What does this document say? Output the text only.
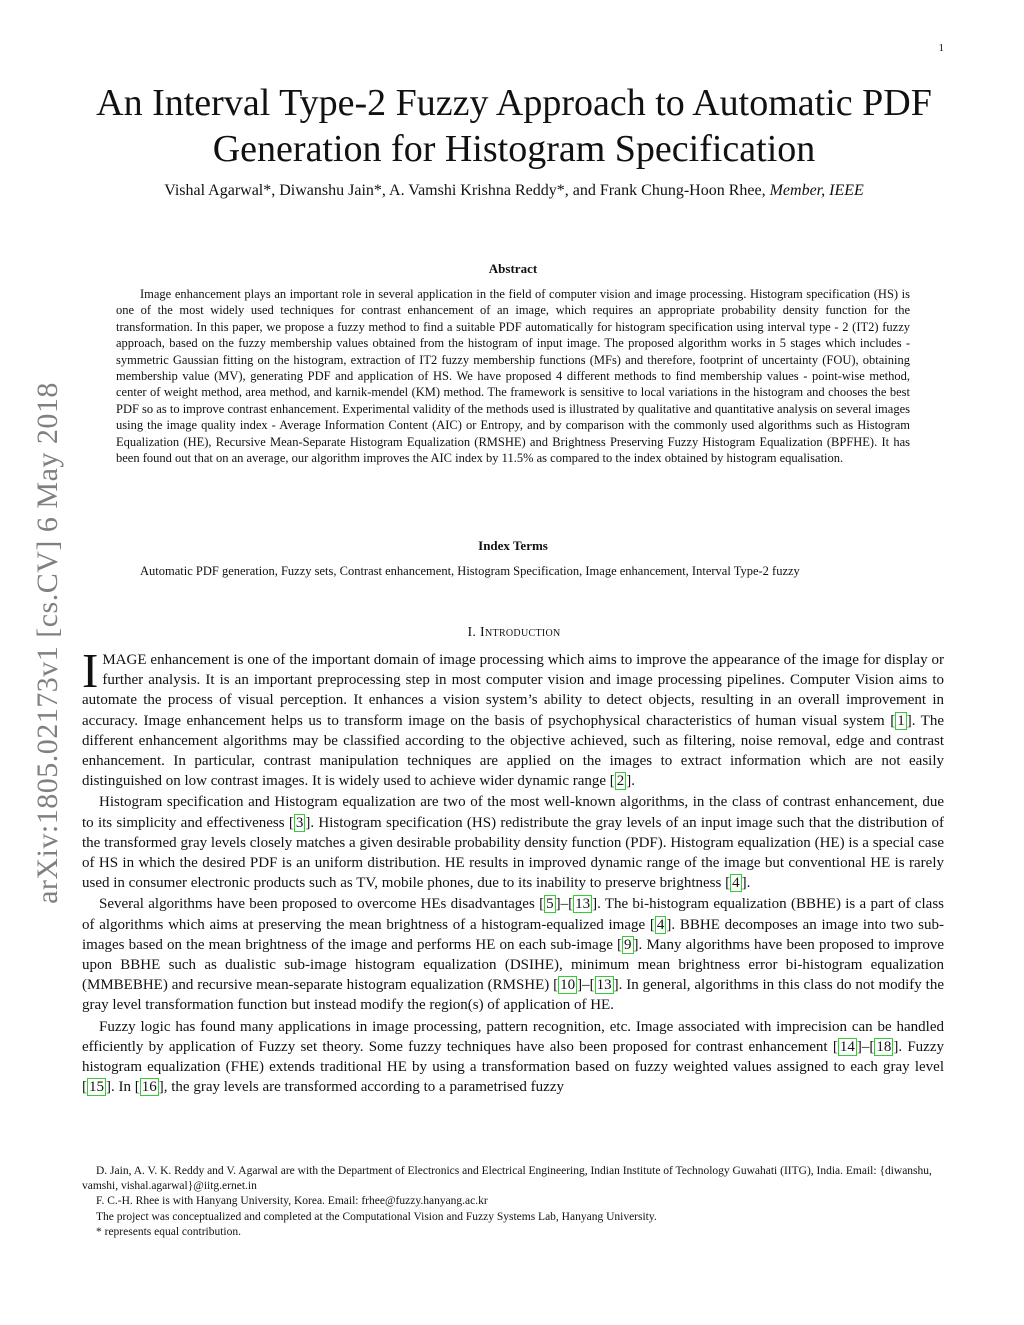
1
arXiv:1805.02173v1 [cs.CV] 6 May 2018
An Interval Type-2 Fuzzy Approach to Automatic PDF Generation for Histogram Specification
Vishal Agarwal*, Diwanshu Jain*, A. Vamshi Krishna Reddy*, and Frank Chung-Hoon Rhee, Member, IEEE
Abstract

Image enhancement plays an important role in several application in the field of computer vision and image processing. Histogram specification (HS) is one of the most widely used techniques for contrast enhancement of an image, which requires an appropriate probability density function for the transformation. In this paper, we propose a fuzzy method to find a suitable PDF automatically for histogram specification using interval type - 2 (IT2) fuzzy approach, based on the fuzzy membership values obtained from the histogram of input image. The proposed algorithm works in 5 stages which includes - symmetric Gaussian fitting on the histogram, extraction of IT2 fuzzy membership functions (MFs) and therefore, footprint of uncertainty (FOU), obtaining membership value (MV), generating PDF and application of HS. We have proposed 4 different methods to find membership values - point-wise method, center of weight method, area method, and karnik-mendel (KM) method. The framework is sensitive to local variations in the histogram and chooses the best PDF so as to improve contrast enhancement. Experimental validity of the methods used is illustrated by qualitative and quantitative analysis on several images using the image quality index - Average Information Content (AIC) or Entropy, and by comparison with the commonly used algorithms such as Histogram Equalization (HE), Recursive Mean-Separate Histogram Equalization (RMSHE) and Brightness Preserving Fuzzy Histogram Equalization (BPFHE). It has been found out that on an average, our algorithm improves the AIC index by 11.5% as compared to the index obtained by histogram equalisation.

Index Terms

Automatic PDF generation, Fuzzy sets, Contrast enhancement, Histogram Specification, Image enhancement, Interval Type-2 fuzzy

I. Introduction

IMAGE enhancement is one of the important domain of image processing which aims to improve the appearance of the image for display or further analysis. It is an important preprocessing step in most computer vision and image processing pipelines. Computer Vision aims to automate the process of visual perception. It enhances a vision system’s ability to detect objects, resulting in an overall improvement in accuracy. Image enhancement helps us to transform image on the basis of psychophysical characteristics of human visual system [ 1 ]. The different enhancement algorithms may be classified according to the objective achieved, such as filtering, noise removal, edge and contrast enhancement. In particular, contrast manipulation techniques are applied on the images to extract information which are not easily distinguished on low contrast images. It is widely used to achieve wider dynamic range [ 2 ].

Histogram specification and Histogram equalization are two of the most well-known algorithms, in the class of contrast enhancement, due to its simplicity and effectiveness [ 3 ]. Histogram specification (HS) redistribute the gray levels of an input image such that the distribution of the transformed gray levels closely matches a given desirable probability density function (PDF). Histogram equalization (HE) is a special case of HS in which the desired PDF is an uniform distribution. HE results in improved dynamic range of the image but conventional HE is rarely used in consumer electronic products such as TV, mobile phones, due to its inability to preserve brightness [ 4 ].

Several algorithms have been proposed to overcome HEs disadvantages [ 5 ]–[ 13 ]. The bi-histogram equalization (BBHE) is a part of class of algorithms which aims at preserving the mean brightness of a histogram-equalized image [ 4 ]. BBHE decomposes an image into two sub-images based on the mean brightness of the image and performs HE on each sub-image [ 9 ]. Many algorithms have been proposed to improve upon BBHE such as dualistic sub-image histogram equalization (DSIHE), minimum mean brightness error bi-histogram equalization (MMBEBHE) and recursive mean-separate histogram equalization (RMSHE) [ 10 ]–[ 13 ]. In general, algorithms in this class do not modify the gray level transformation function but instead modify the region(s) of application of HE.

Fuzzy logic has found many applications in image processing, pattern recognition, etc. Image associated with imprecision can be handled efficiently by application of Fuzzy set theory. Some fuzzy techniques have also been proposed for contrast enhancement [ 14 ]–[ 18 ]. Fuzzy histogram equalization (FHE) extends traditional HE by using a transformation based on fuzzy weighted values assigned to each gray level [ 15 ]. In [ 16 ], the gray levels are transformed according to a parametrised fuzzy

D. Jain, A. V. K. Reddy and V. Agarwal are with the Department of Electronics and Electrical Engineering, Indian Institute of Technology Guwahati (IITG), India. Email: {diwanshu, vamshi, vishal.agarwal}@iitg.ernet.in

F. C.-H. Rhee is with Hanyang University, Korea. Email: frhee@fuzzy.hanyang.ac.kr

The project was conceptualized and completed at the Computational Vision and Fuzzy Systems Lab, Hanyang University.

* represents equal contribution.
